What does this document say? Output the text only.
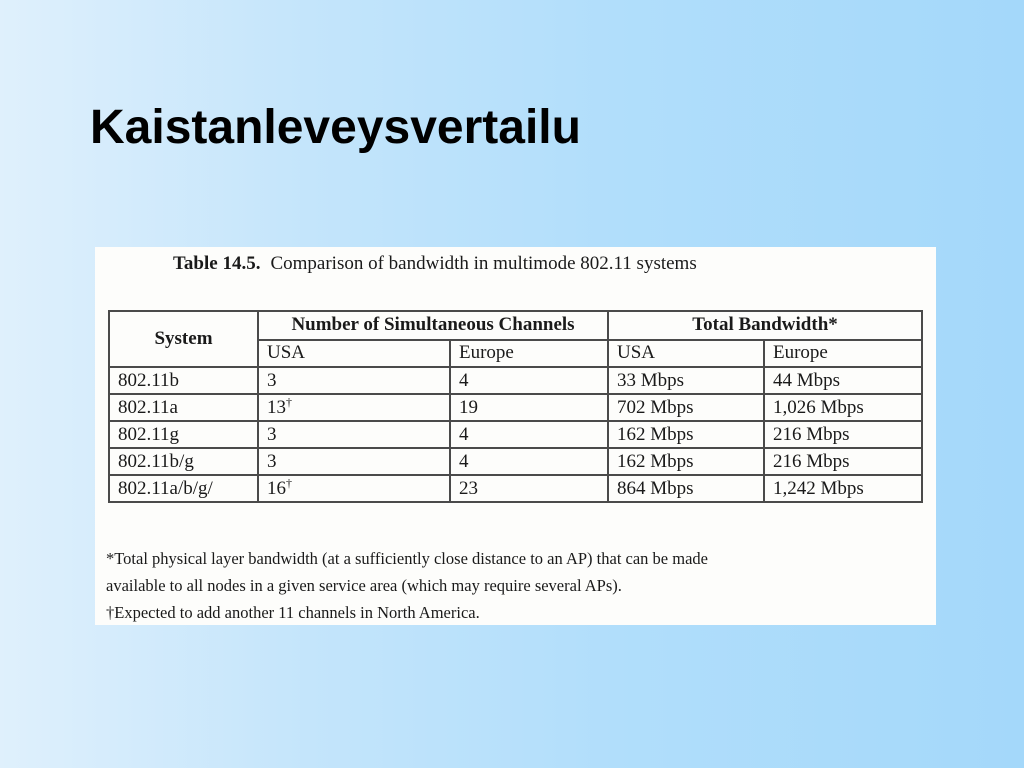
Kaistanleveysvertailu
Table 14.5. Comparison of bandwidth in multimode 802.11 systems
System	Number of Simultaneous Channels		Total Bandwidth*	
	USA	Europe	USA	Europe
802.11b	3	4	33 Mbps	44 Mbps
802.11a	13†	19	702 Mbps	1,026 Mbps
802.11g	3	4	162 Mbps	216 Mbps
802.11b/g	3	4	162 Mbps	216 Mbps
802.11a/b/g/	16†	23	864 Mbps	1,242 Mbps

*Total physical layer bandwidth (at a sufficiently close distance to an AP) that can be made

available to all nodes in a given service area (which may require several APs).

†Expected to add another 11 channels in North America.
